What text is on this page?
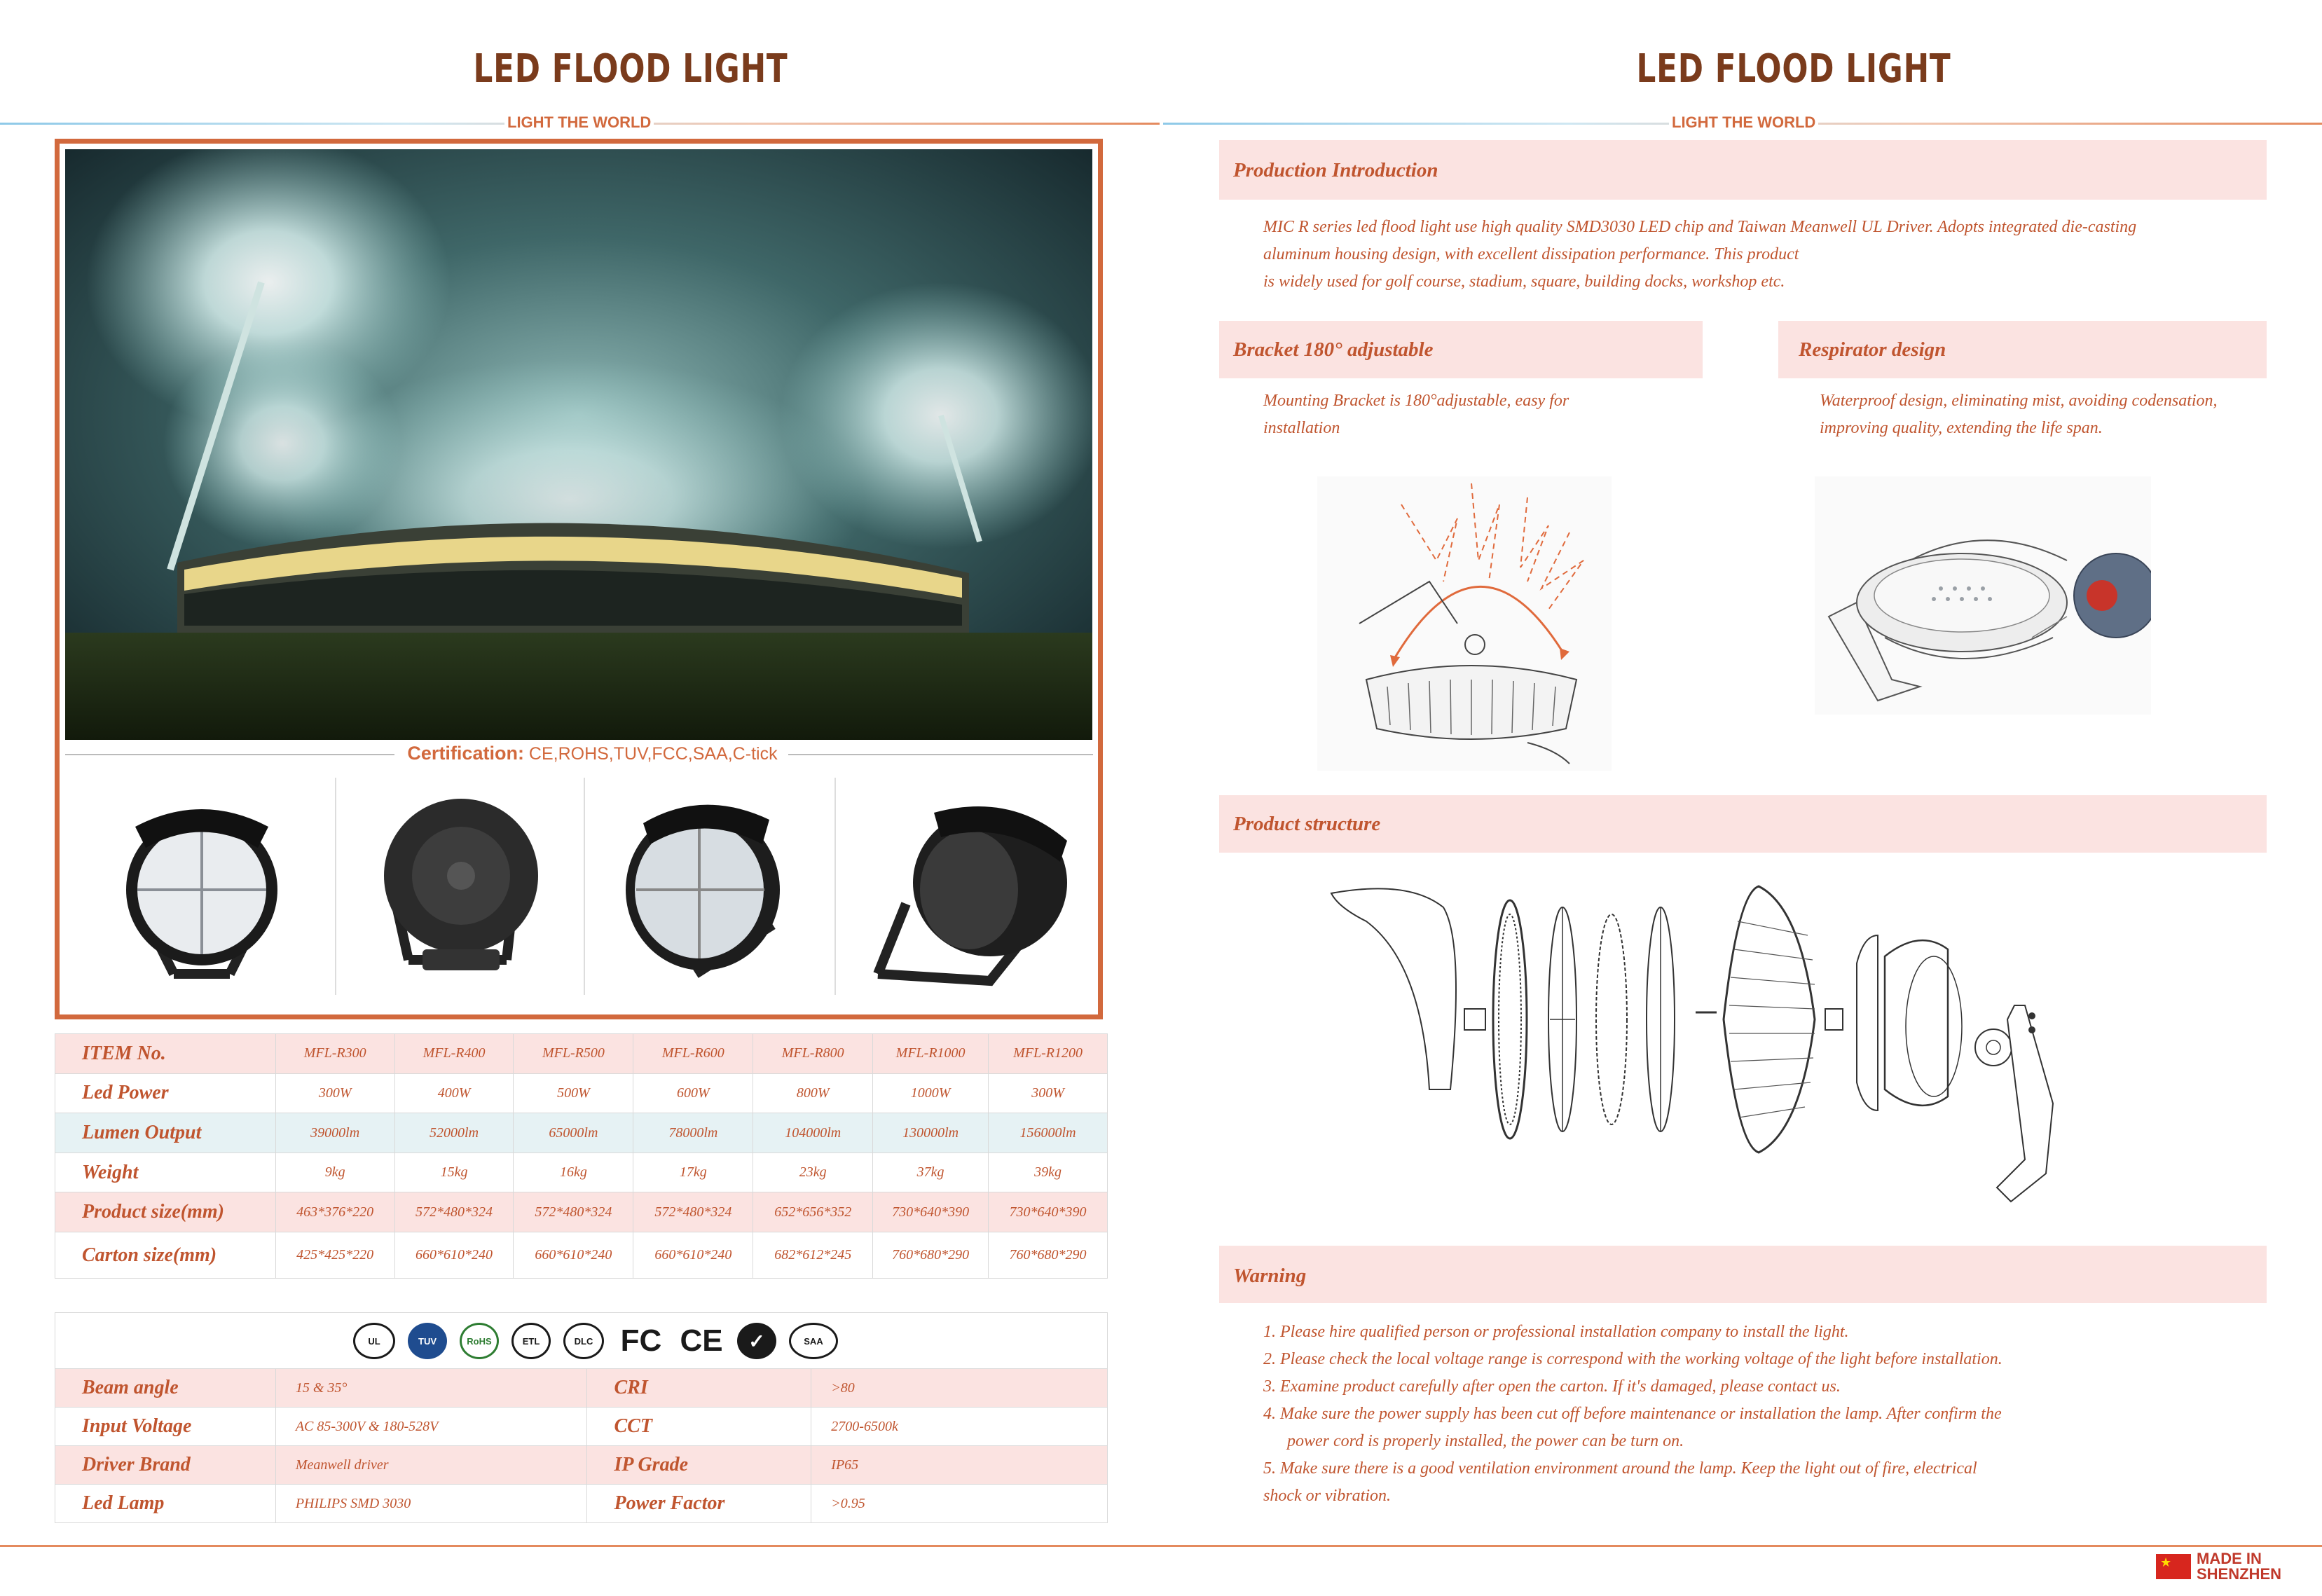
LED FLOOD LIGHT	LED FLOOD LIGHT
LIGHT THE WORLD	LIGHT THE WORLD
Certification: CE,ROHS,TUV,FCC,SAA,C-tick
ITEM No.	MFL-R300	MFL-R400	MFL-R500	MFL-R600	MFL-R800	MFL-R1000	MFL-R1200
Led Power	300W	400W	500W	600W	800W	1000W	300W
Lumen Output	39000lm	52000lm	65000lm	78000lm	104000lm	130000lm	156000lm
Weight	9kg	15kg	16kg	17kg	23kg	37kg	39kg
Product size(mm)	463*376*220	572*480*324	572*480*324	572*480*324	652*656*352	730*640*390	730*640*390
Carton size(mm)	425*425*220	660*610*240	660*610*240	660*610*240	682*612*245	760*680*290	760*680*290
UL	TUV	RoHS	ETL	DLC FC CE	✓	SAA
Beam angle	15 & 35°	CRI	>80
Input Voltage	AC 85-300V & 180-528V	CCT	2700-6500k
Driver Brand	Meanwell driver	IP Grade	IP65
Led Lamp	PHILIPS SMD 3030	Power Factor	>0.95
Production Introduction
MIC R series led flood light use high quality SMD3030 LED chip and Taiwan Meanwell UL Driver. Adopts integrated die-casting
aluminum housing design, with excellent dissipation performance. This product
is widely used for golf course, stadium, square, building docks, workshop etc.
Bracket 180° adjustable
Mounting Bracket is 180°adjustable, easy for
installation
Respirator design
Waterproof design, eliminating mist, avoiding codensation,
improving quality, extending the life span.
Product structure
Warning
1. Please hire qualified person or professional installation company to install the light.
2. Please check the local voltage range is correspond with the working voltage of the light before installation.
3. Examine product carefully after open the carton. If it's damaged, please contact us.
4. Make sure the power supply has been cut off before maintenance or installation the lamp. After confirm the
power cord is properly installed, the power can be turn on.
5. Make sure there is a good ventilation environment around the lamp. Keep the light out of fire, electrical
shock or vibration.
★ MADE IN
SHENZHEN
